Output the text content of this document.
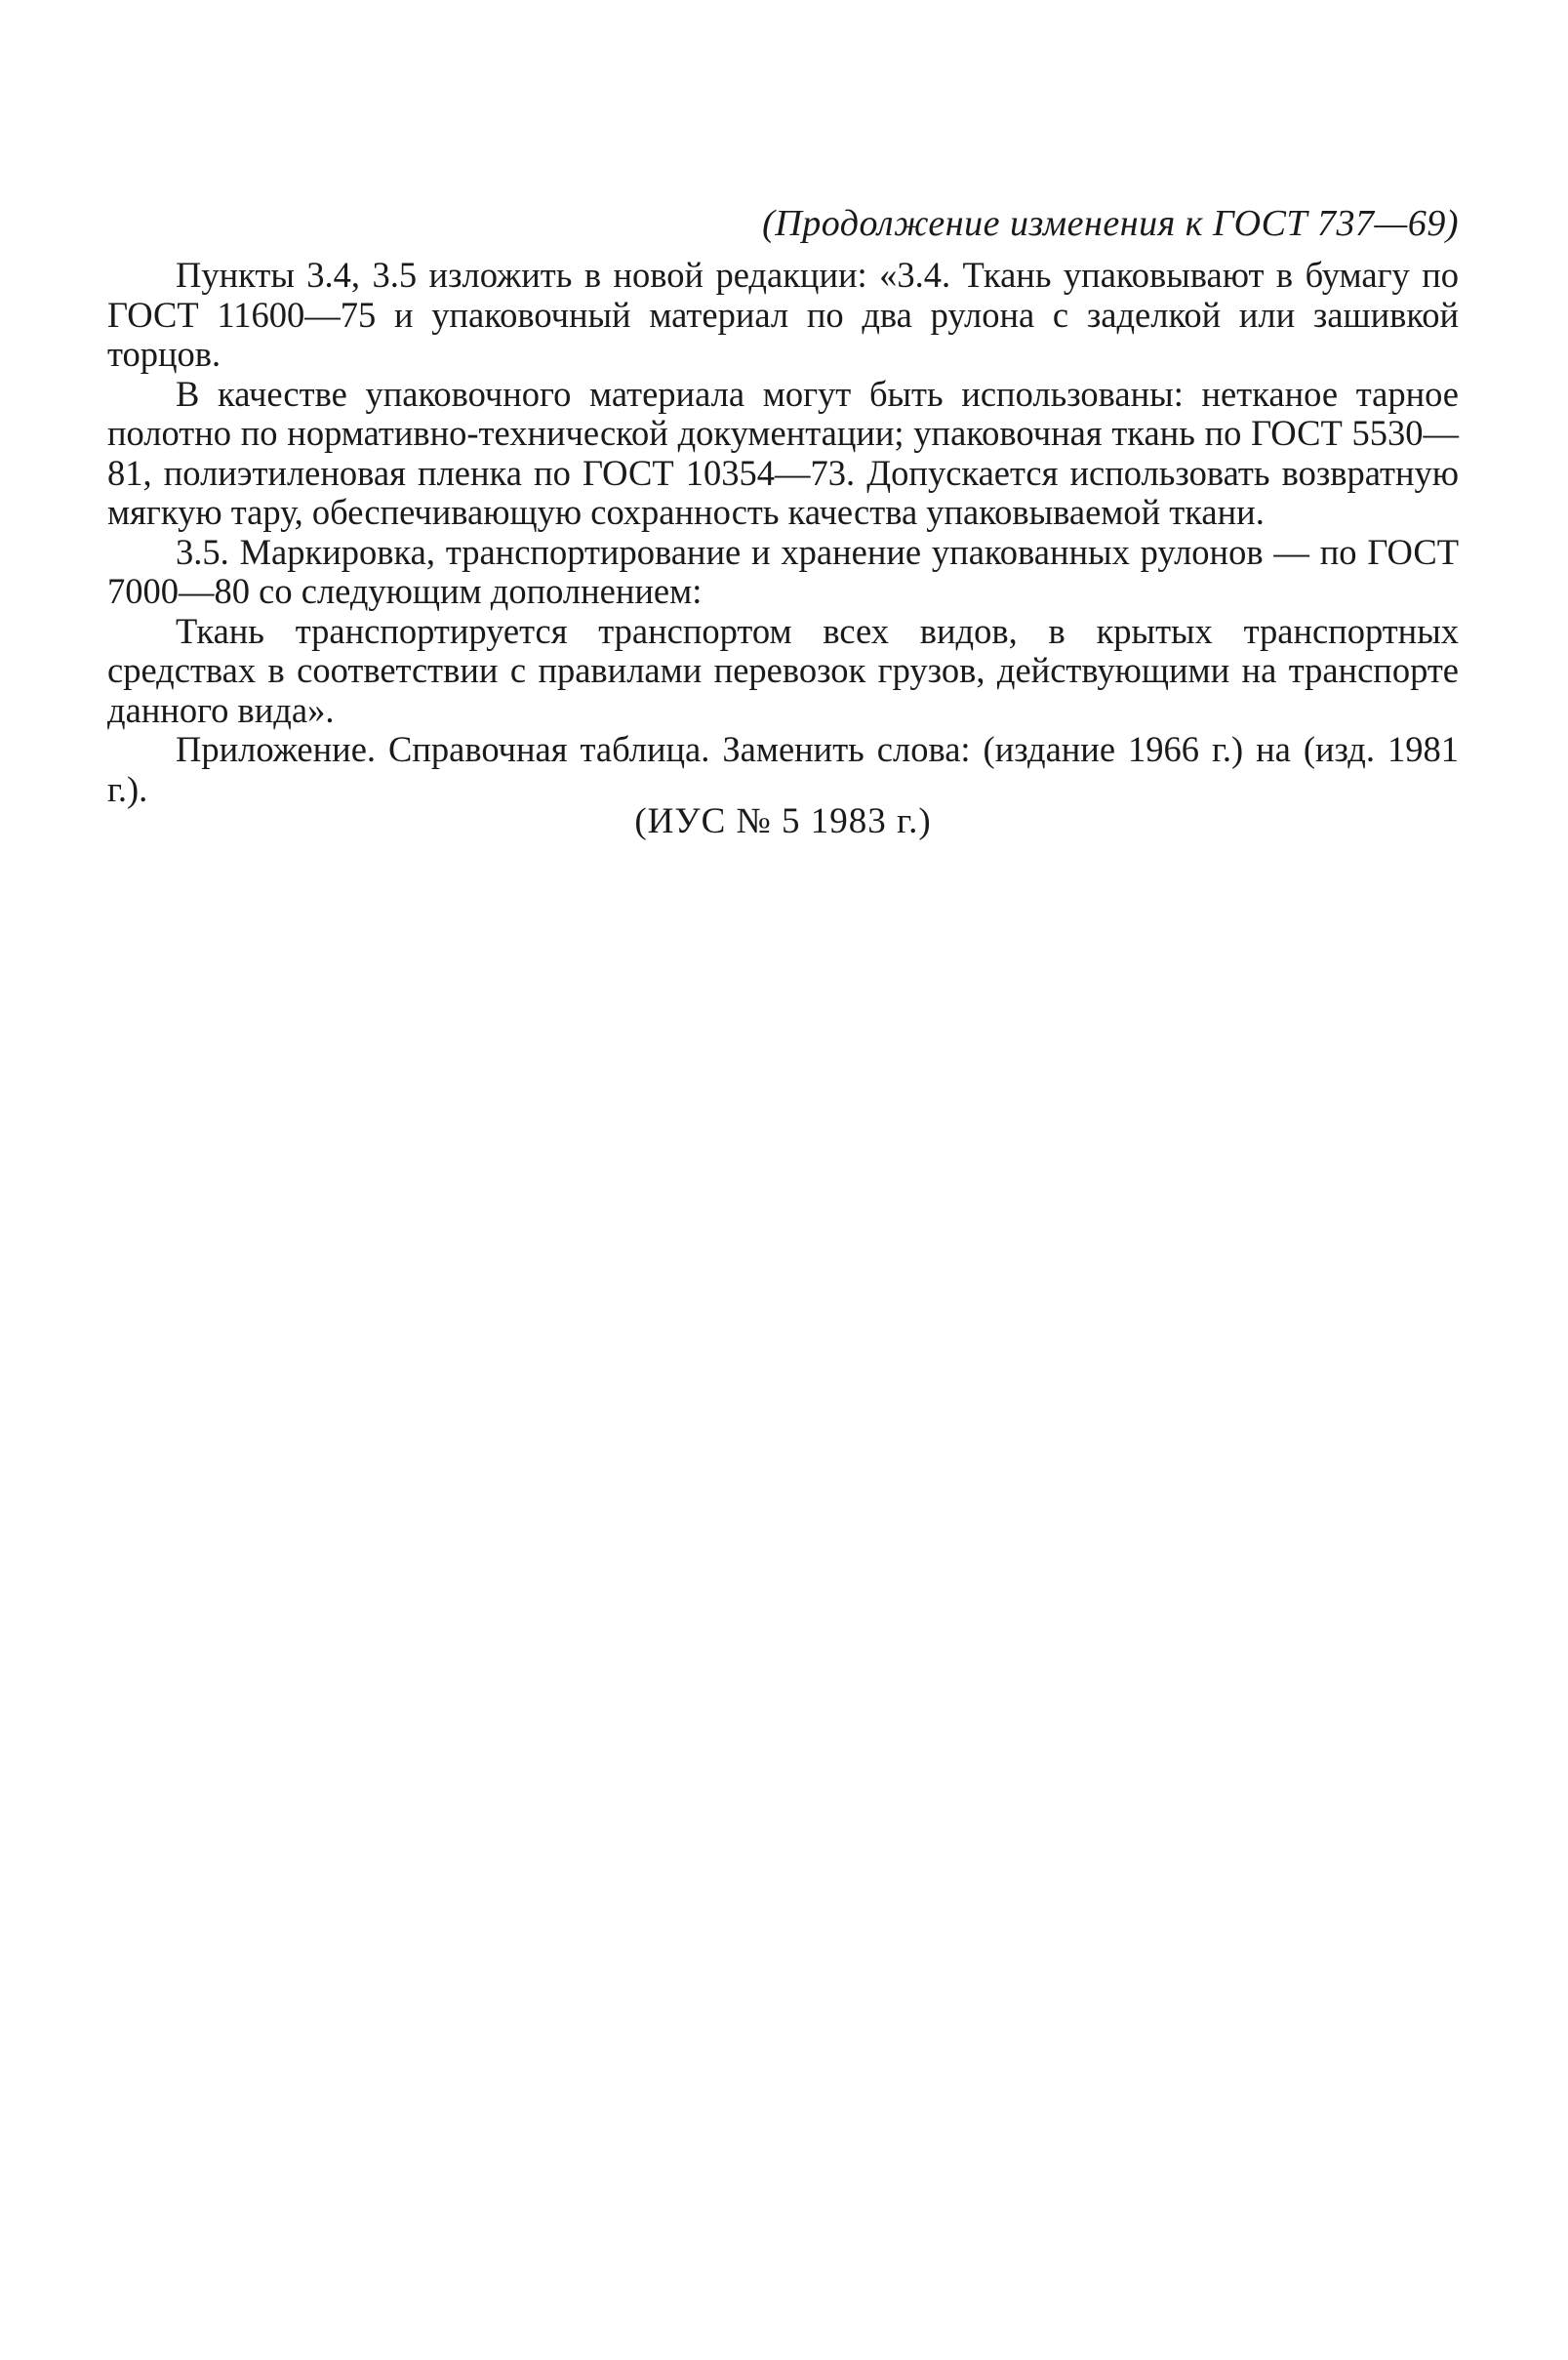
(Продолжение изменения к ГОСТ 737—69)

Пункты 3.4, 3.5 изложить в новой редакции: «3.4. Ткань упаковывают в бумагу по ГОСТ 11600—75 и упаковочный материал по два рулона с заделкой или зашивкой торцов.

В качестве упаковочного материала могут быть использованы: нетканое тарное полотно по нормативно-технической документации; упаковочная ткань по ГОСТ 5530—81, полиэтиленовая пленка по ГОСТ 10354—73. Допускается использовать возвратную мягкую тару, обеспечивающую сохранность качества упаковываемой ткани.

3.5. Маркировка, транспортирование и хранение упакованных рулонов — по ГОСТ 7000—80 со следующим дополнением:

Ткань транспортируется транспортом всех видов, в крытых транспортных средствах в соответствии с правилами перевозок грузов, действующими на транспорте данного вида».

Приложение. Справочная таблица. Заменить слова: (издание 1966 г.) на (изд. 1981 г.).

(ИУС № 5 1983 г.)
